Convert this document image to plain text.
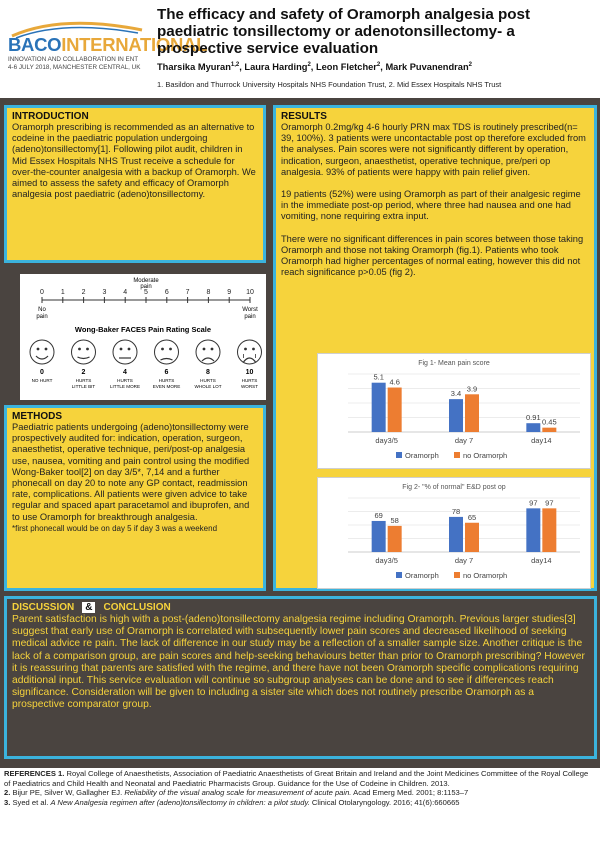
BACOINTERNATIONAL
INNOVATION AND COLLABORATION IN ENT
4-6 JULY 2018, MANCHESTER CENTRAL, UK
The efficacy and safety of Oramorph analgesia post paediatric tonsillectomy or adenotonsillectomy- a prospective service evaluation
Tharsika Myuran$^{1,2}$, Laura Harding$^2$, Leon Fletcher$^2$, Mark Puvanendran$^2$
1. Basildon and Thurrock University Hospitals NHS Foundation Trust, 2. Mid Essex Hospitals NHS Trust
INTRODUCTION
Oramorph prescribing is recommended as an alternative to codeine in the paediatric population undergoing (adeno)tonsillectomy[1]. Following pilot audit, children in Mid Essex Hospitals NHS Trust receive a schedule for over-the-counter analgesia with a backup of Oramorph. We aimed to assess the safety and efficacy of Oramorph analgesia post paediatric (adeno)tonsillectomy.
0 1 2 3 4 5 6 7 8 9 10
No
pain
Moderate
pain
Worst
pain
Wong-Baker FACES Pain Rating Scale
0
NO HURT
2
HURTS
LITTLE BIT
4
HURTS
LITTLE MORE
6
HURTS
EVEN MORE
8
HURTS
WHOLE LOT
10
HURTS
WORST
METHODS
Paediatric patients undergoing (adeno)tonsillectomy were prospectively audited for: indication, operation, surgeon, anaesthetist, operative technique, peri/post-op analgesia use, nausea, vomiting and pain control using the modified Wong-Baker tool[2] on day 3/5*, 7,14 and a further phonecall on day 20 to note any GP contact, readmission rate, complications. All patients were given advice to take regular and spaced apart paracetamol and ibuprofen, and to use Oramorph for breakthrough analgesia.
*first phonecall would be on day 5 if day 3 was a weekend
RESULTS

Oramorph 0.2mg/kg 4-6 hourly PRN max TDS is routinely prescribed(n= 39, 100%). 3 patients were uncontactable post op therefore excluded from the analyses. Pain scores were not significantly different by operation, indication, surgeon, anaesthetist, operative technique, pre/peri op analgesia. 93% of patients were happy with pain relief given.

19 patients (52%) were using Oramorph as part of their analgesic regime in the immediate post-op period, where three had nausea and one had vomiting, none requiring extra input.

There were no significant differences in pain scores between those taking Oramorph and those not taking Oramorph (fig.1). Patients who took Oramorph had higher percentages of normal eating, however this did not reach significance p>0.05 (fig 2).

Fig 1- Mean pain score
5.1
4.6
day3/5
3.4
3.9
day 7
0.91 0.45
day14
Oramorph	no Oramorph
Fig 2- "% of normal" E&D post op
69
58
day3/5
78
65
day 7
97 97
day14
Oramorph	no Oramorph
DISCUSSION & CONCLUSION
Parent satisfaction is high with a post-(adeno)tonsillectomy analgesia regime including Oramorph. Previous larger studies[3] suggest that early use of Oramorph is correlated with subsequently lower pain scores and decreased likelihood of seeking medical advice re pain. The lack of difference in our study may be a reflection of a smaller sample size. Another critique is the lack of a comparison group, are pain scores and help-seeking behaviours better than prior to Oramorph prescribing? However it is reassuring that parents are satisfied with the regime, and there have not been Oramorph specific complications requiring additional input. This service evaluation will continue so subgroup analyses can be done and to see if differences reach significance. Consideration will be given to including a sister site which does not routinely prescribe Oramorph as a prospective comparator group.
REFERENCES 1. Royal College of Anaesthetists, Association of Paediatric Anaesthetists of Great Britain and Ireland and the Joint Medicines Committee of the Royal College of Paediatrics and Child Health and Neonatal and Paediatric Pharmacists Group. Guidance for the Use of Codeine in Children. 2013.
2. Bijur PE, Silver W, Gallagher EJ. Reliability of the visual analog scale for measurement of acute pain. Acad Emerg Med. 2001; 8:1153–7
3. Syed et al. A New Analgesia regimen after (adeno)tonsillectomy in children: a pilot study. Clinical Otolaryngology. 2016; 41(6):660665
